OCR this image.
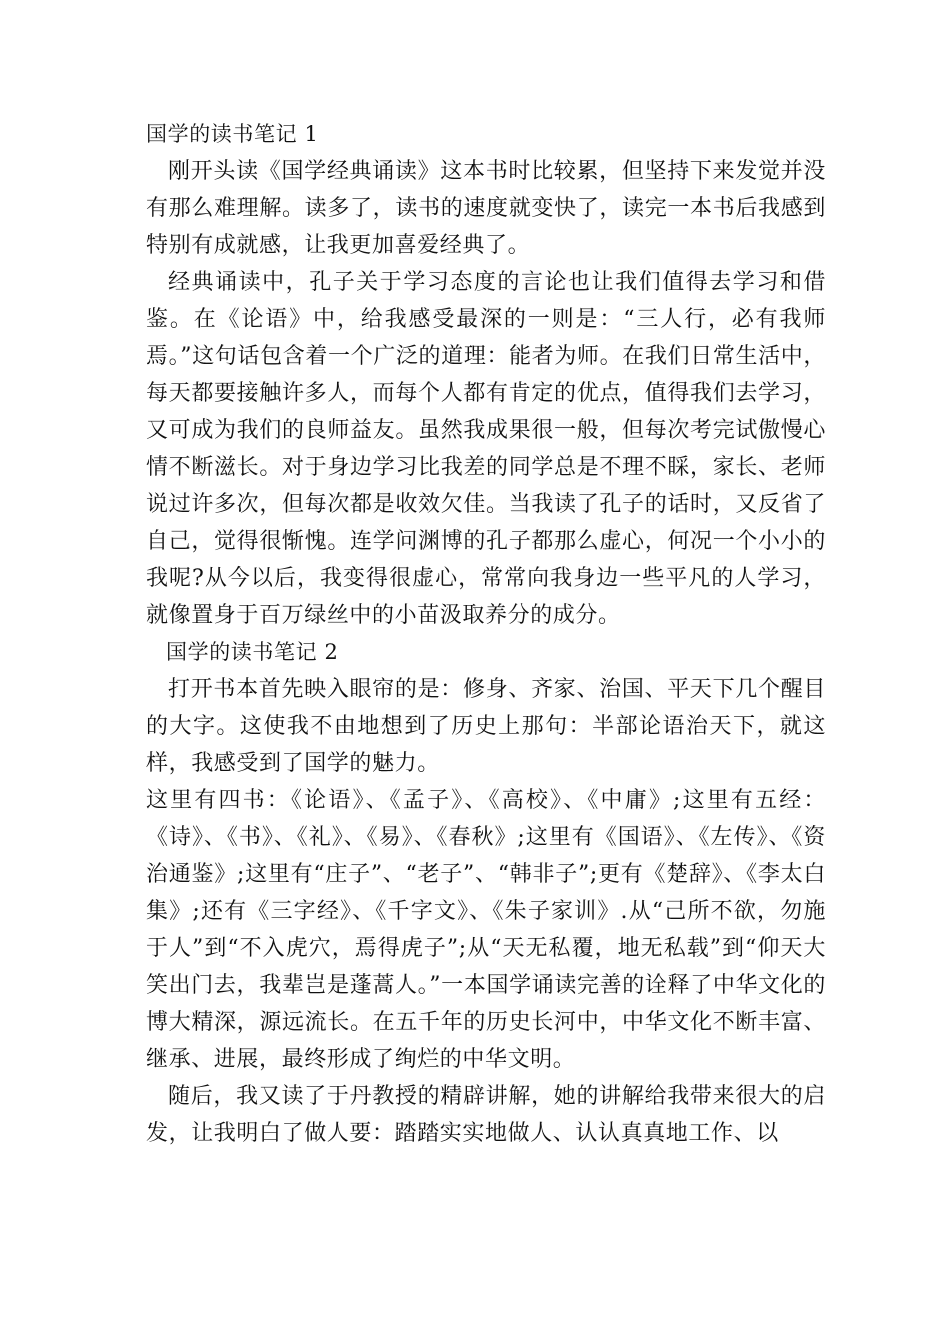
国学的读书笔记 1

刚开头读《国学经典诵读》这本书时比较累，但坚持下来发觉并没有那么难理解。读多了，读书的速度就变快了，读完一本书后我感到特别有成就感，让我更加喜爱经典了。

经典诵读中，孔子关于学习态度的言论也让我们值得去学习和借鉴。在《论语》中，给我感受最深的一则是：“三人行，必有我师焉。”这句话包含着一个广泛的道理：能者为师。在我们日常生活中，每天都要接触许多人，而每个人都有肯定的优点，值得我们去学习，又可成为我们的良师益友。虽然我成果很一般，但每次考完试傲慢心情不断滋长。对于身边学习比我差的同学总是不理不睬，家长、老师说过许多次，但每次都是收效欠佳。当我读了孔子的话时，又反省了自己，觉得很惭愧。连学问渊博的孔子都那么虚心，何况一个小小的我呢?从今以后，我变得很虚心，常常向我身边一些平凡的人学习，就像置身于百万绿丝中的小苗汲取养分的成分。

国学的读书笔记 2

打开书本首先映入眼帘的是：修身、齐家、治国、平天下几个醒目的大字。这使我不由地想到了历史上那句：半部论语治天下，就这样，我感受到了国学的魅力。

这里有四书：《论语》、《孟子》、《高校》、《中庸》;这里有五经：《诗》、《书》、《礼》、《易》、《春秋》;这里有《国语》、《左传》、《资治通鉴》;这里有“庄子”、“老子”、“韩非子”;更有《楚辞》、《李太白集》;还有《三字经》、《千字文》、《朱子家训》.从“己所不欲，勿施于人”到“不入虎穴，焉得虎子”;从“天无私覆，地无私载”到“仰天大笑出门去，我辈岂是蓬蒿人。”一本国学诵读完善的诠释了中华文化的博大精深，源远流长。在五千年的历史长河中，中华文化不断丰富、继承、进展，最终形成了绚烂的中华文明。

随后，我又读了于丹教授的精辟讲解，她的讲解给我带来很大的启发，让我明白了做人要：踏踏实实地做人、认认真真地工作、以
